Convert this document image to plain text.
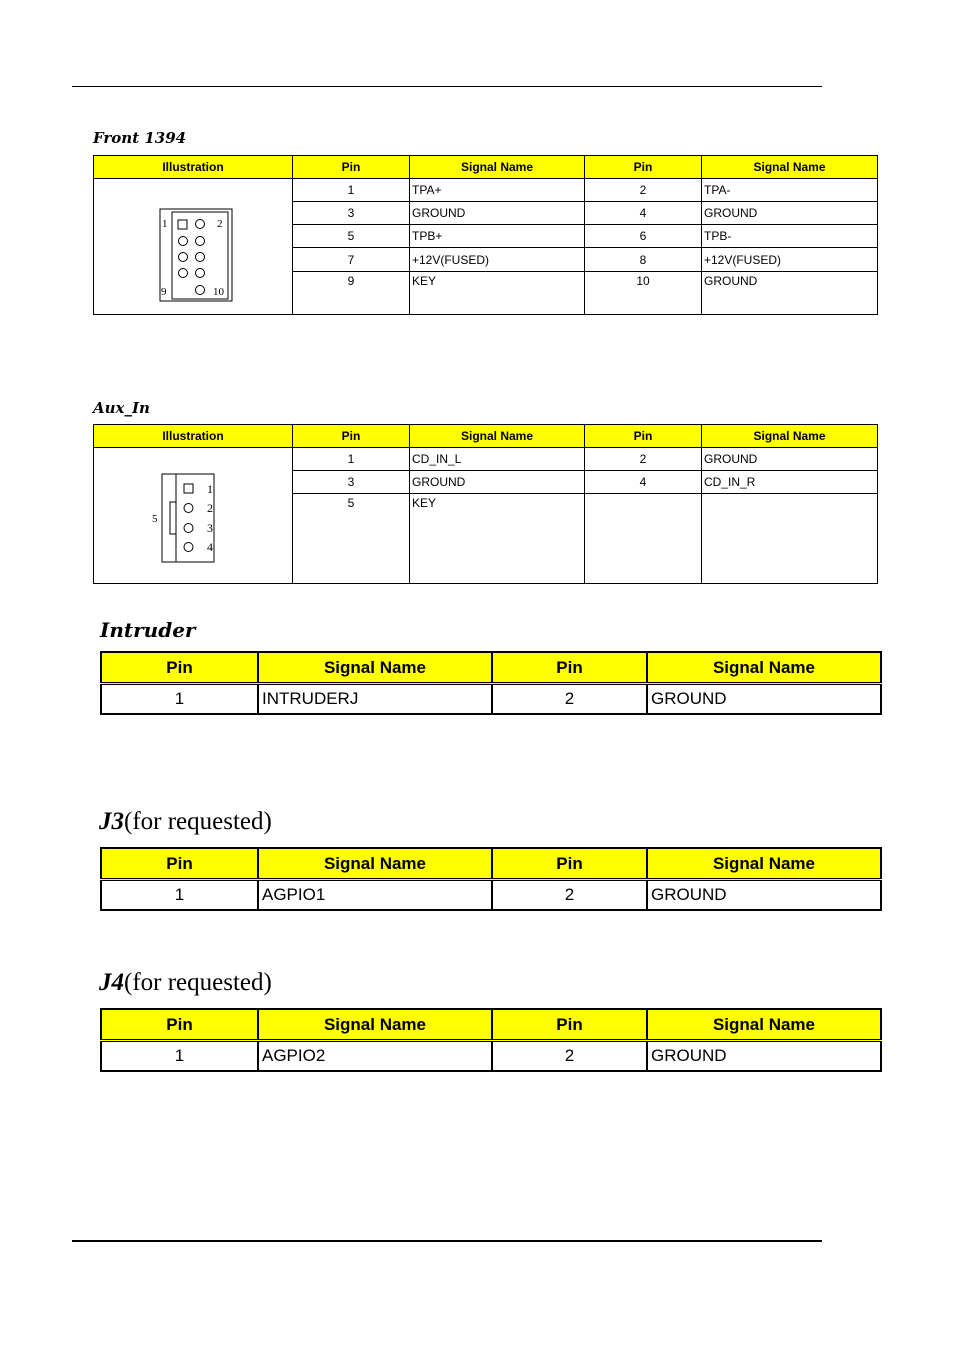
Front 1394
Illustration	Pin	Signal Name	Pin	Signal Name

1 2
9 10	1	TPA+	2	TPA-
	3	GROUND	4	GROUND
	5	TPB+	6	TPB-
	7	+12V(FUSED)	8	+12V(FUSED)
	9	KEY	10	GROUND
Aux_In
Illustration	Pin	Signal Name	Pin	Signal Name

1
2
3
4
5	1	CD_IN_L	2	GROUND
	3	GROUND	4	CD_IN_R
	5	KEY		
Intruder
Pin	Signal Name	Pin	Signal Name
1	INTRUDERJ	2	GROUND
J3(for requested)
Pin	Signal Name	Pin	Signal Name
1	AGPIO1	2	GROUND
J4(for requested)
Pin	Signal Name	Pin	Signal Name
1	AGPIO2	2	GROUND
